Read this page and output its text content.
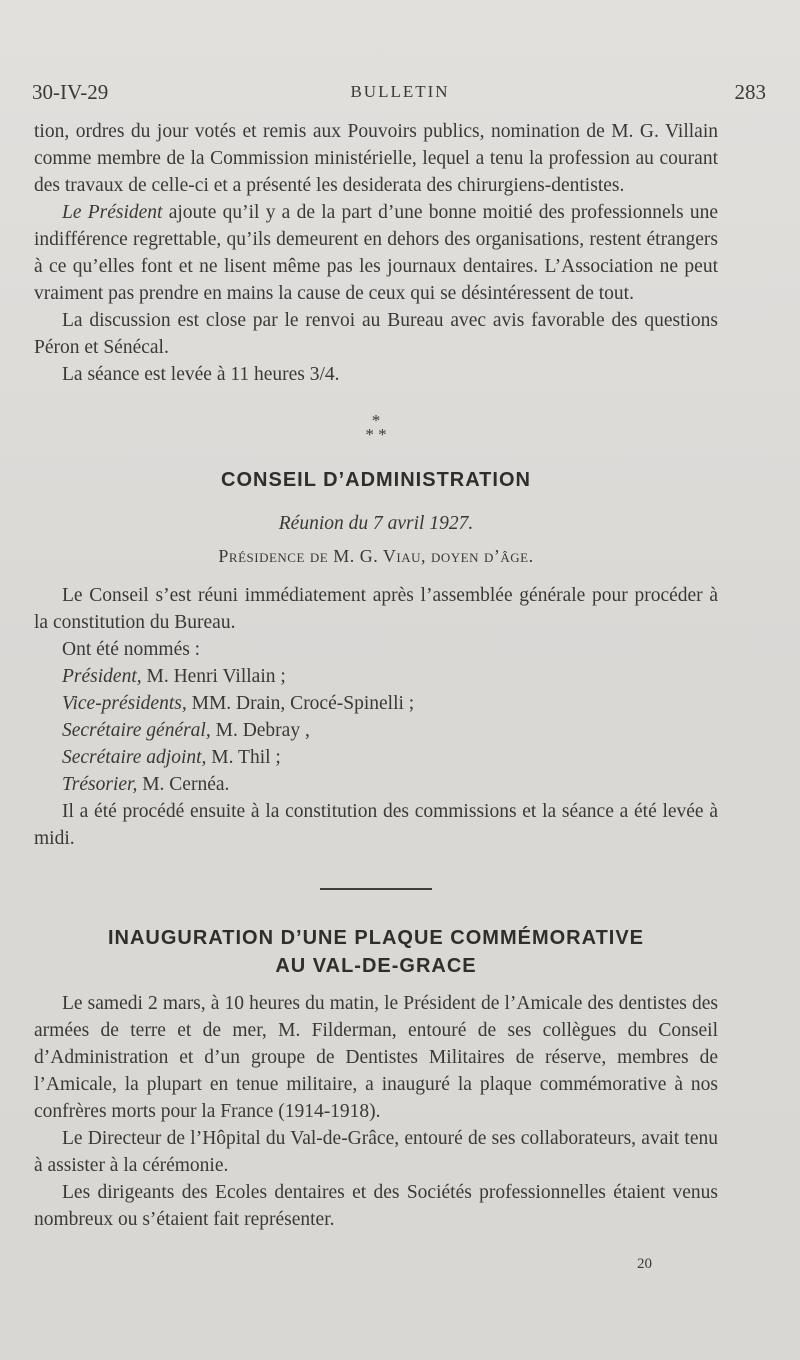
30-IV-29	BULLETIN	283

tion, ordres du jour votés et remis aux Pouvoirs publics, nomination de M. G. Villain comme membre de la Commission ministérielle, lequel a tenu la profession au courant des travaux de celle-ci et a présenté les desiderata des chirurgiens-dentistes.

Le Président ajoute qu’il y a de la part d’une bonne moitié des professionnels une indifférence regrettable, qu’ils demeurent en dehors des organisations, restent étrangers à ce qu’elles font et ne lisent même pas les journaux dentaires. L’Association ne peut vraiment pas prendre en mains la cause de ceux qui se désintéressent de tout.

La discussion est close par le renvoi au Bureau avec avis favorable des questions Péron et Sénécal.

La séance est levée à 11 heures 3/4.

*
* *
CONSEIL D’ADMINISTRATION
Réunion du 7 avril 1927.
Présidence de M. G. Viau, doyen d’âge.

Le Conseil s’est réuni immédiatement après l’assemblée générale pour procéder à la constitution du Bureau.

Ont été nommés :

Président, M. Henri Villain ;
Vice-présidents, MM. Drain, Crocé-Spinelli ;
Secrétaire général, M. Debray ,
Secrétaire adjoint, M. Thil ;
Trésorier, M. Cernéa.

Il a été procédé ensuite à la constitution des commissions et la séance a été levée à midi.

INAUGURATION D’UNE PLAQUE COMMÉMORATIVE
AU VAL-DE-GRACE

Le samedi 2 mars, à 10 heures du matin, le Président de l’Amicale des dentistes des armées de terre et de mer, M. Filderman, entouré de ses collègues du Conseil d’Administration et d’un groupe de Dentistes Militaires de réserve, membres de l’Amicale, la plupart en tenue militaire, a inauguré la plaque commémorative à nos confrères morts pour la France (1914-1918).

Le Directeur de l’Hôpital du Val-de-Grâce, entouré de ses collaborateurs, avait tenu à assister à la cérémonie.

Les dirigeants des Ecoles dentaires et des Sociétés professionnelles étaient venus nombreux ou s’étaient fait représenter.

20
